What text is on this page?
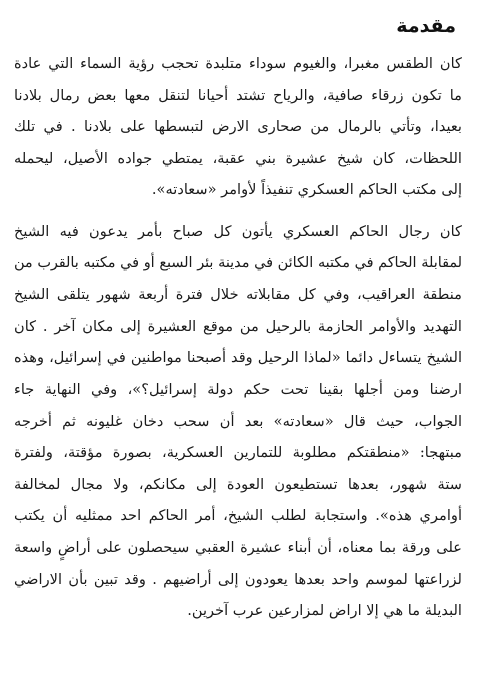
مقدمة
كان الطقس مغبرا، والغيوم سوداء متلبدة تحجب رؤية السماء التي عادة
ما تكون زرقاء صافية، والرياح تشتد أحيانا لتنقل معها بعض رمال بلادنا
بعيدا، وتأتي بالرمال من صحارى الارض لتبسطها على بلادنا . في تلك
اللحظات، كان شيخ عشيرة بني عقبة، يمتطي جواده الأصيل، ليحمله
إلى مكتب الحاكم العسكري تنفيذاً لأوامر «سعادته».
كان رجال الحاكم العسكري يأتون كل صباح بأمر يدعون فيه الشيخ
لمقابلة الحاكم في مكتبه الكائن في مدينة بئر السبع أو في مكتبه بالقرب من
منطقة العراقيب، وفي كل مقابلاته خلال فترة أربعة شهور يتلقى الشيخ
التهديد والأوامر الحازمة بالرحيل من موقع العشيرة إلى مكان آخر . كان
الشيخ يتساءل دائما «لماذا الرحيل وقد أصبحنا مواطنين في إسرائيل، وهذه
ارضنا ومن أجلها بقينا تحت حكم دولة إسرائيل؟»، وفي النهاية جاء
الجواب، حيث قال «سعادته» بعد أن سحب دخان غليونه ثم أخرجه
مبتهجا: «منطقتكم مطلوبة للتمارين العسكرية، بصورة مؤقتة، ولفترة
ستة شهور، بعدها تستطيعون العودة إلى مكانكم، ولا مجال لمخالفة
أوامري هذه». واستجابة لطلب الشيخ، أمر الحاكم احد ممثليه أن يكتب
على ورقة بما معناه، أن أبناء عشيرة العقبي سيحصلون على أراضٍ واسعة
لزراعتها لموسم واحد بعدها يعودون إلى أراضيهم . وقد تبين بأن الاراضي
البديلة ما هي إلا اراض لمزارعين عرب آخرين.
